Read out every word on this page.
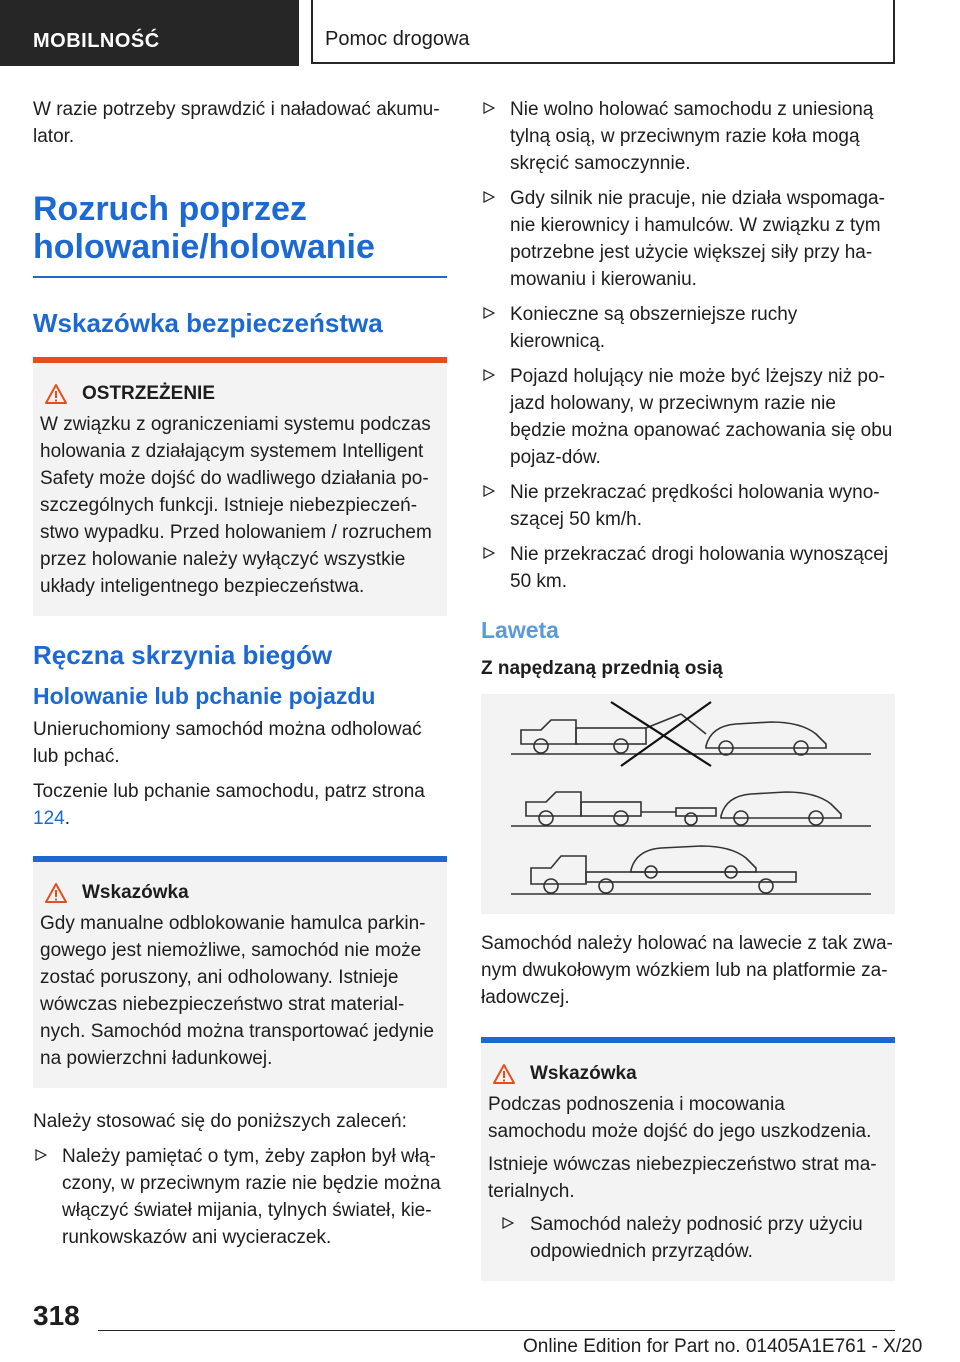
MOBILNOŚĆ	Pomoc drogowa

W razie potrzeby sprawdzić i naładować akumu-
lator.

Rozruch poprzez holowanie/holowanie
Wskazówka bezpieczeństwa
OSTRZEŻENIE

W związku z ograniczeniami systemu podczas holowania z działającym systemem Intelligent Safety może dojść do wadliwego działania po-szczególnych funkcji. Istnieje niebezpieczeń-stwo wypadku. Przed holowaniem / rozruchem przez holowanie należy wyłączyć wszystkie układy inteligentnego bezpieczeństwa.

Ręczna skrzynia biegów
Holowanie lub pchanie pojazdu

Unieruchomiony samochód można odholować lub pchać.

Toczenie lub pchanie samochodu, patrz strona 124.

Wskazówka

Gdy manualne odblokowanie hamulca parkin-gowego jest niemożliwe, samochód nie może zostać poruszony, ani odholowany. Istnieje wówczas niebezpieczeństwo strat material-nych. Samochód można transportować jedynie na powierzchni ładunkowej.

Należy stosować się do poniższych zaleceń:

Należy pamiętać o tym, żeby zapłon był włą-czony, w przeciwnym razie nie będzie można włączyć świateł mijania, tylnych świateł, kie-runkowskazów ani wycieraczek.
Nie wolno holować samochodu z uniesioną tylną osią, w przeciwnym razie koła mogą skręcić samoczynnie.
Gdy silnik nie pracuje, nie działa wspomaga-nie kierownicy i hamulców. W związku z tym potrzebne jest użycie większej siły przy ha-mowaniu i kierowaniu.
Konieczne są obszerniejsze ruchy kierownicą.
Pojazd holujący nie może być lżejszy niż po-jazd holowany, w przeciwnym razie nie będzie można opanować zachowania się obu pojaz-dów.
Nie przekraczać prędkości holowania wyno-szącej 50 km/h.
Nie przekraczać drogi holowania wynoszącej 50 km.
Laweta
Z napędzaną przednią osią

Samochód należy holować na lawecie z tak zwa-nym dwukołowym wózkiem lub na platformie za-ładowczej.

Wskazówka

Podczas podnoszenia i mocowania samochodu może dojść do jego uszkodzenia.

Istnieje wówczas niebezpieczeństwo strat ma-terialnych.

Samochód należy podnosić przy użyciu odpowiednich przyrządów.
318
Online Edition for Part no. 01405A1E761 - X/20
